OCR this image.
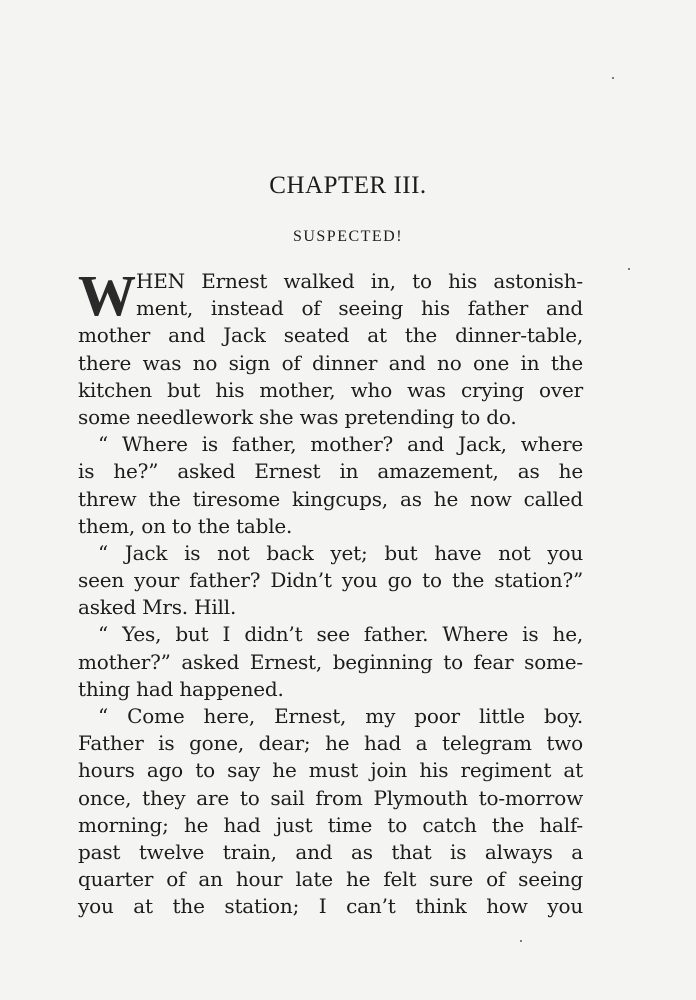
CHAPTER III.
SUSPECTED!
W HEN Ernest walked in, to his astonish-
ment, instead of seeing his father and
mother and Jack seated at the dinner-table,
there was no sign of dinner and no one in the
kitchen but his mother, who was crying over
some needlework she was pretending to do.
“ Where is father, mother? and Jack, where
is he?” asked Ernest in amazement, as he
threw the tiresome kingcups, as he now called
them, on to the table.
“ Jack is not back yet; but have not you
seen your father? Didn’t you go to the station?”
asked Mrs. Hill.
“ Yes, but I didn’t see father. Where is he,
mother?” asked Ernest, beginning to fear some-
thing had happened.
“ Come here, Ernest, my poor little boy.
Father is gone, dear; he had a telegram two
hours ago to say he must join his regiment at
once, they are to sail from Plymouth to-morrow
morning; he had just time to catch the half-
past twelve train, and as that is always a
quarter of an hour late he felt sure of seeing
you at the station; I can’t think how you
